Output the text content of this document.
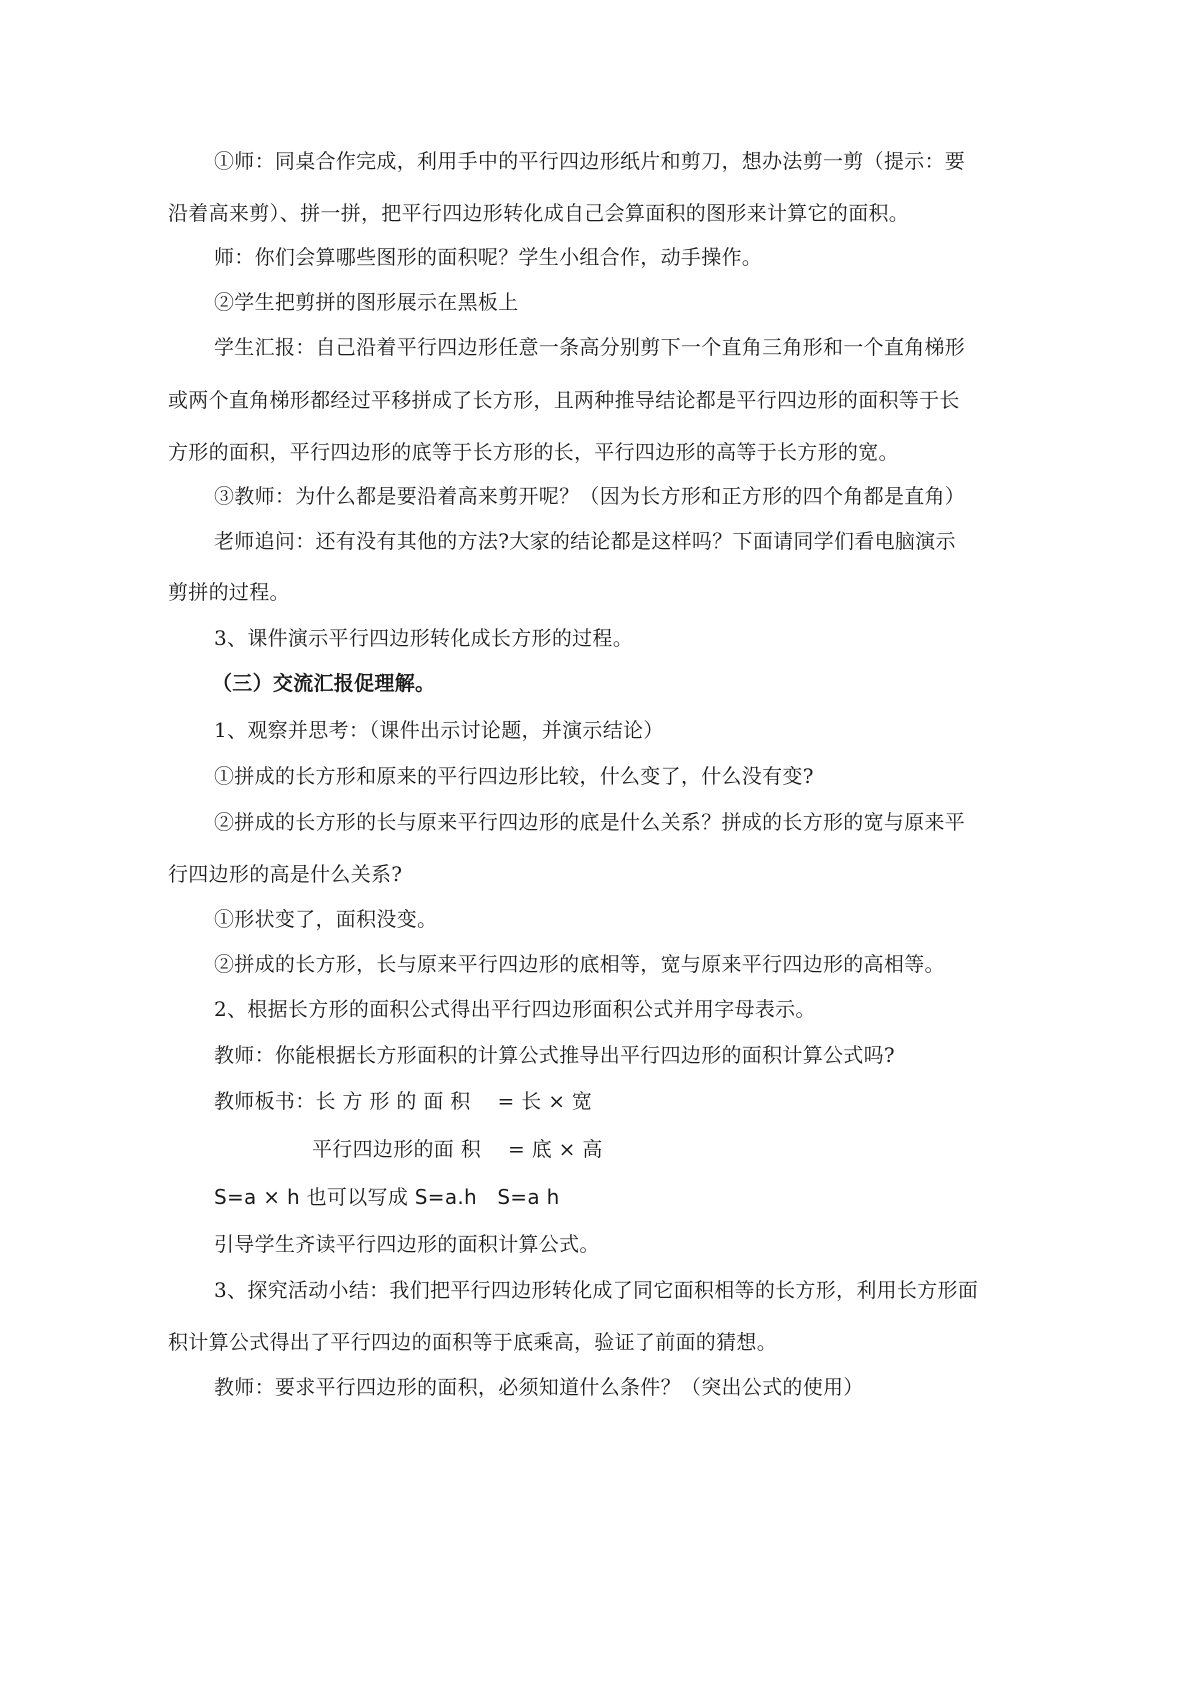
①师：同桌合作完成，利用手中的平行四边形纸片和剪刀，想办法剪一剪（提示：要
沿着高来剪）、拼一拼，把平行四边形转化成自己会算面积的图形来计算它的面积。
师：你们会算哪些图形的面积呢？学生小组合作，动手操作。
②学生把剪拼的图形展示在黑板上
学生汇报：自己沿着平行四边形任意一条高分别剪下一个直角三角形和一个直角梯形
或两个直角梯形都经过平移拼成了长方形，且两种推导结论都是平行四边形的面积等于长
方形的面积，平行四边形的底等于长方形的长，平行四边形的高等于长方形的宽。
③教师：为什么都是要沿着高来剪开呢？（因为长方形和正方形的四个角都是直角）
老师追问：还有没有其他的方法?大家的结论都是这样吗？下面请同学们看电脑演示
剪拼的过程。
3、课件演示平行四边形转化成长方形的过程。
（三）交流汇报促理解。
1、观察并思考：（课件出示讨论题，并演示结论）
①拼成的长方形和原来的平行四边形比较，什么变了，什么没有变?
②拼成的长方形的长与原来平行四边形的底是什么关系？拼成的长方形的宽与原来平
行四边形的高是什么关系?
①形状变了，面积没变。
②拼成的长方形，长与原来平行四边形的底相等，宽与原来平行四边形的高相等。
2、根据长方形的面积公式得出平行四边形面积公式并用字母表示。
教师：你能根据长方形面积的计算公式推导出平行四边形的面积计算公式吗?
教师板书：长 方 形 的 面 积　 = 长 × 宽
平行四边形的面 积　 = 底 × 高
S=a × h 也可以写成 S=a.h　S=a h
引导学生齐读平行四边形的面积计算公式。
3、探究活动小结：我们把平行四边形转化成了同它面积相等的长方形，利用长方形面
积计算公式得出了平行四边的面积等于底乘高，验证了前面的猜想。
教师：要求平行四边形的面积，必须知道什么条件？（突出公式的使用）
